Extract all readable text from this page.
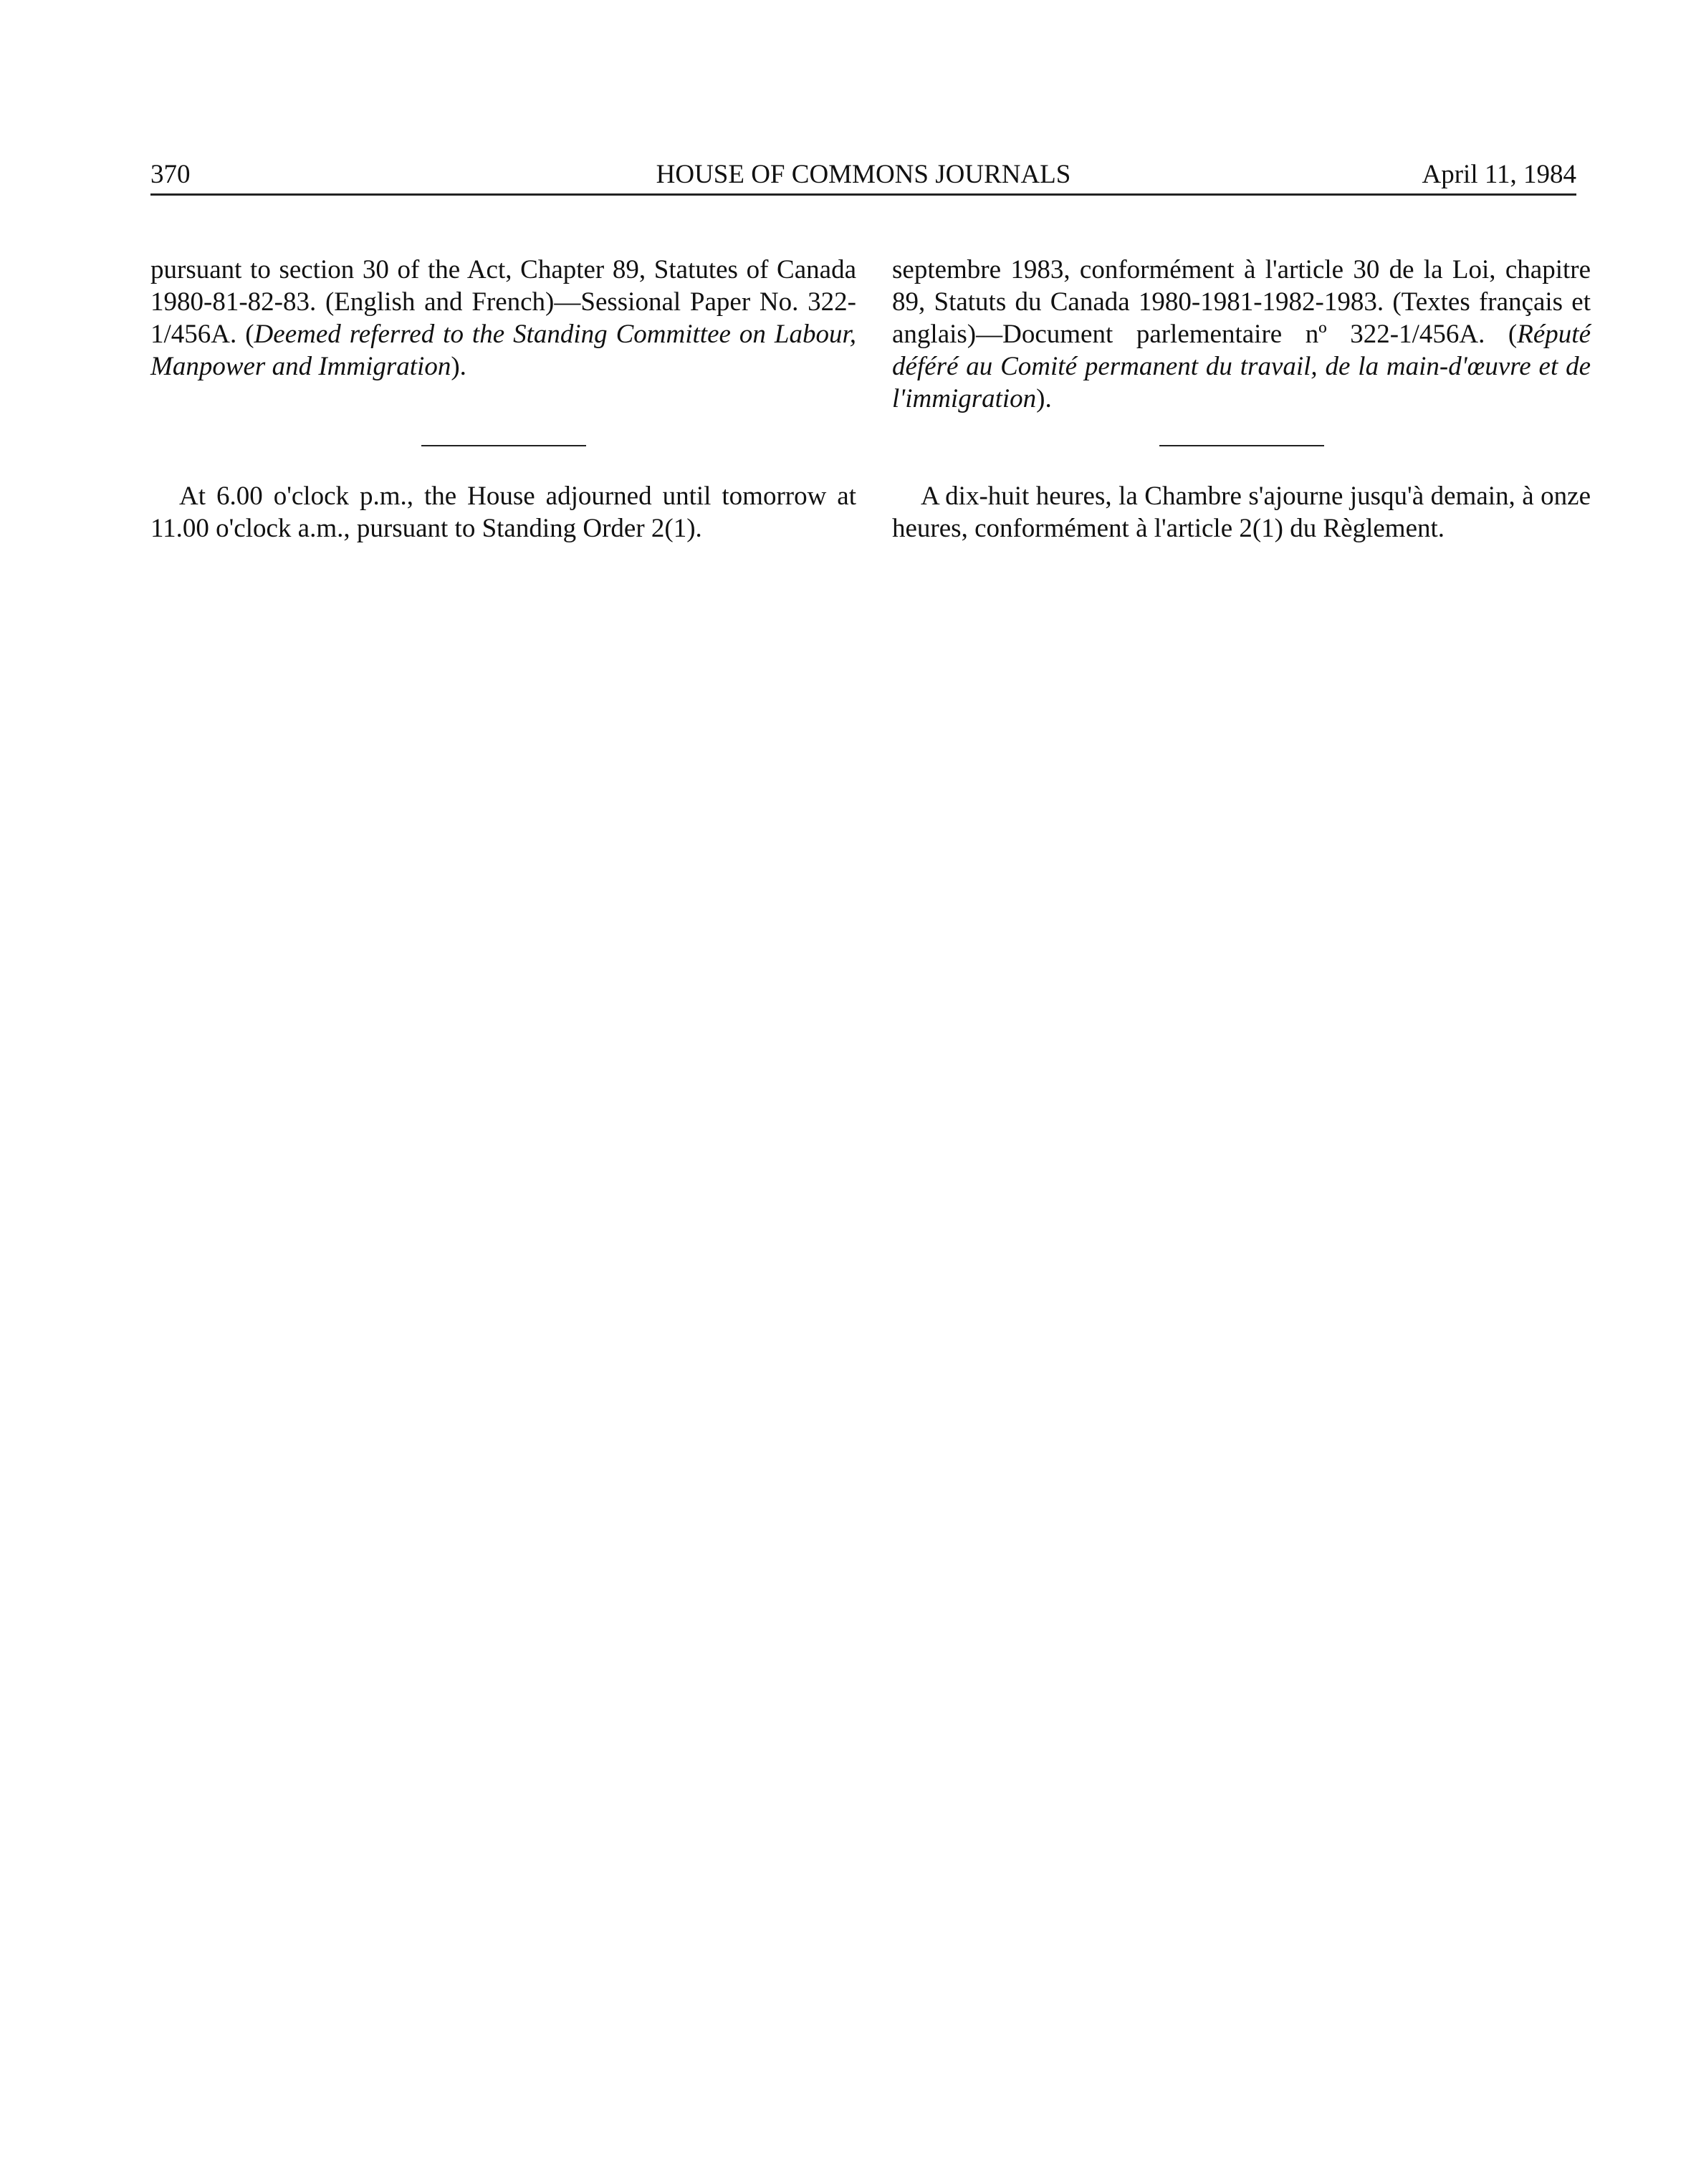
370	HOUSE OF COMMONS JOURNALS	April 11, 1984

pursuant to section 30 of the Act, Chapter 89, Statutes of Canada 1980-81-82-83. (English and French)—Sessional Paper No. 322-1/456A. (Deemed referred to the Standing Committee on Labour, Manpower and Immigration).

septembre 1983, conformément à l'article 30 de la Loi, chapitre 89, Statuts du Canada 1980-1981-1982-1983. (Textes français et anglais)—Document parlementaire nº 322-1/456A. (Réputé déféré au Comité permanent du travail, de la main-d'œuvre et de l'immigration).

At 6.00 o'clock p.m., the House adjourned until tomorrow at 11.00 o'clock a.m., pursuant to Standing Order 2(1).

A dix-huit heures, la Chambre s'ajourne jusqu'à demain, à onze heures, conformément à l'article 2(1) du Règlement.
